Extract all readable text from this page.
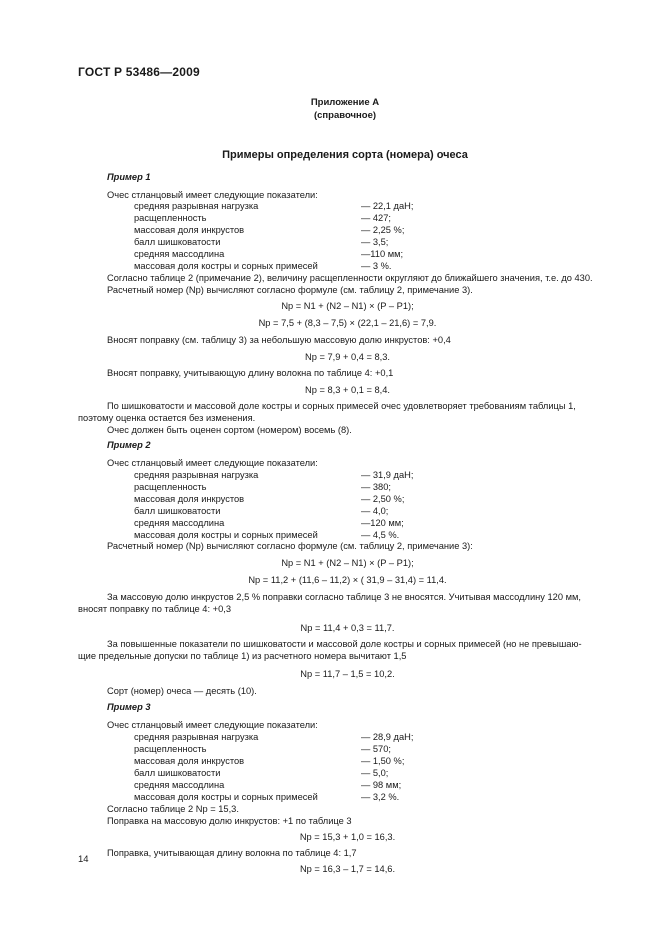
ГОСТ Р 53486—2009
Приложение А
(справочное)
Примеры определения сорта (номера) очеса
Пример 1
Очес стланцовый имеет следующие показатели:
средняя разрывная нагрузка	— 22,1 даН;
расщепленность	— 427;
массовая доля инкрустов	— 2,25 %;
балл шишковатости	— 3,5;
средняя массодлина	—110 мм;
массовая доля костры и сорных примесей	— 3 %.
Согласно таблице 2 (примечание 2), величину расщепленности округляют до ближайшего значения, т.е. до 430.
Расчетный номер (Nр) вычисляют согласно формуле (см. таблицу 2, примечание 3).
Nр = N1 + (N2 – N1) × (P – P1);
Nр = 7,5 + (8,3 – 7,5) × (22,1 – 21,6) = 7,9.
Вносят поправку (см. таблицу 3) за небольшую массовую долю инкрустов: +0,4
Nр = 7,9 + 0,4 = 8,3.
Вносят поправку, учитывающую длину волокна по таблице 4: +0,1
Nр = 8,3 + 0,1 = 8,4.
По шишковатости и массовой доле костры и сорных примесей очес удовлетворяет требованиям таблицы 1,
поэтому оценка остается без изменения.
Очес должен быть оценен сортом (номером) восемь (8).
Пример 2
Очес стланцовый имеет следующие показатели:
средняя разрывная нагрузка	— 31,9 даН;
расщепленность	— 380;
массовая доля инкрустов	— 2,50 %;
балл шишковатости	— 4,0;
средняя массодлина	—120 мм;
массовая доля костры и сорных примесей	— 4,5 %.
Расчетный номер (Nр) вычисляют согласно формуле (см. таблицу 2, примечание 3):
Nр = N1 + (N2 – N1) × (P – P1);
Nр = 11,2 + (11,6 – 11,2) × ( 31,9 – 31,4) = 11,4.
За массовую долю инкрустов 2,5 % поправки согласно таблице 3 не вносятся. Учитывая массодлину 120 мм,
вносят поправку по таблице 4: +0,3
Nр = 11,4 + 0,3 = 11,7.
За повышенные показатели по шишковатости и массовой доле костры и сорных примесей (но не превышаю-
щие предельные допуски по таблице 1) из расчетного номера вычитают 1,5
Nр = 11,7 – 1,5 = 10,2.
Сорт (номер) очеса — десять (10).
Пример 3
Очес стланцовый имеет следующие показатели:
средняя разрывная нагрузка	— 28,9 даН;
расщепленность	— 570;
массовая доля инкрустов	— 1,50 %;
балл шишковатости	— 5,0;
средняя массодлина	— 98 мм;
массовая доля костры и сорных примесей	— 3,2 %.
Согласно таблице 2 Nр = 15,3.
Поправка на массовую долю инкрустов: +1 по таблице 3
Nр = 15,3 + 1,0 = 16,3.
Поправка, учитывающая длину волокна по таблице 4: 1,7
Nр = 16,3 – 1,7 = 14,6.
14
